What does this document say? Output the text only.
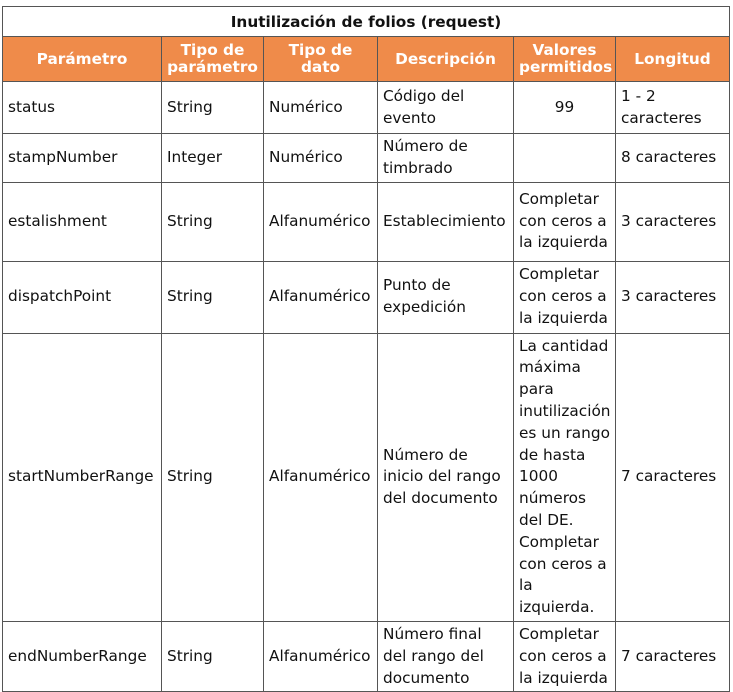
Inutilización de folios (request)					
Parámetro	Tipo de parámetro	Tipo de dato	Descripción	Valores permitidos	Longitud
status	String	Numérico	Código del evento	99	1 - 2 caracteres
stampNumber	Integer	Numérico	Número de timbrado		8 caracteres
estalishment	String	Alfanumérico	Establecimiento	Completar con ceros a la izquierda	3 caracteres
dispatchPoint	String	Alfanumérico	Punto de expedición	Completar con ceros a la izquierda	3 caracteres
startNumberRange	String	Alfanumérico	Número de inicio del rango del documento	La cantidad máxima para inutilización es un rango de hasta 1000 números del DE. Completar con ceros a la izquierda.	7 caracteres
endNumberRange	String	Alfanumérico	Número final del rango del documento	Completar con ceros a la izquierda	7 caracteres
